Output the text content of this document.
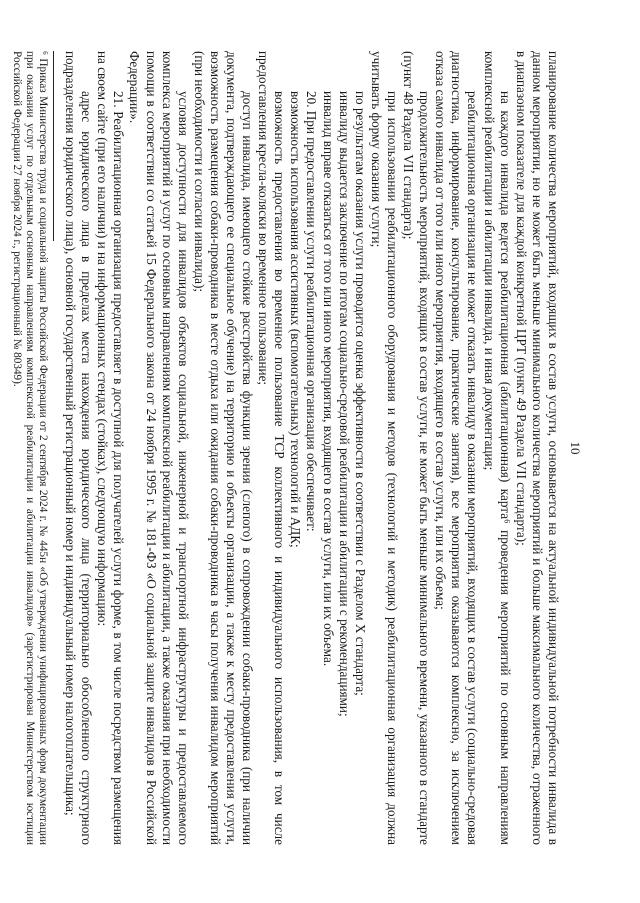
10

планирование количества мероприятий, входящих в состав услуги, основывается на актуальной индивидуальной потребности инвалида в данном мероприятии, но не может быть меньше минимального количества мероприятий и больше максимального количества, отраженного в диапазоном показателе для каждой конкретной ЦРТ (пункт 49 Раздела VII стандарта);

на каждого инвалида ведется реабилитационная (абилитационная) карта⁶ проведения мероприятий по основным направлениям комплексной реабилитации и абилитации инвалида, и иная документация;

реабилитационная организация не может отказать инвалиду в оказании мероприятий, входящих в состав услуги (социально-средовая диагностика, информирование, консультирование, практические занятия), все мероприятия оказываются комплексно, за исключением отказа самого инвалида от того или иного мероприятия, входящего в состав услуги, или их объема;

продолжительность мероприятий, входящих в состав услуги, не может быть меньше минимального времени, указанного в стандарте (пункт 48 Раздела VII стандарта);

при использовании реабилитационного оборудования и методов (технологий и методик) реабилитационная организация должна учитывать форму оказания услуги;

по результатам оказания услуги проводится оценка эффективности в соответствии с Разделом X стандарта;

инвалиду выдается заключение по итогам социально-средовой реабилитации и абилитации с рекомендациями;

инвалид вправе отказаться от того или иного мероприятия, входящего в состав услуги, или их объема.

20. При предоставлении услуги реабилитационная организация обеспечивает:

возможность использования ассистивных (вспомогательных) технологий и АДК;

возможность предоставления во временное пользование ТСР коллективного и индивидуального использования, в том числе предоставления кресла-коляски во временное пользование;

доступ инвалида, имеющего стойкие расстройства функции зрения (слепого) в сопровождении собаки-проводника (при наличии документа, подтверждающего ее специальное обучение) на территорию и объекты организации, а также к месту предоставления услуги, возможность размещения собаки-проводника в месте отдыха или ожидания собаки-проводника в часы получения инвалидом мероприятий (при необходимости и согласии инвалида);

условия доступности для инвалидов объектов социальной, инженерной и транспортной инфраструктуры и предоставляемого комплекса мероприятий и услуг по основным направлениям комплексной реабилитации и абилитации, а также оказания при необходимости помощи в соответствии со статьей 15 Федерального закона от 24 ноября 1995 г. № 181-ФЗ «О социальной защите инвалидов в Российской Федерации».

21. Реабилитационная организация предоставляет в доступной для получателей услуги форме, в том числе посредством размещения на своем сайте (при его наличии) и на информационных стендах (стойках), следующую информацию:

адрес юридического лица в пределах места нахождения юридического лица (территориально обособленного структурного подразделения юридического лица), основной государственный регистрационный номер и индивидуальный номер налогоплательщика;

⁶ Приказ Министерства труда и социальной защиты Российской Федерации от 2 сентября 2024 г. № 445н «Об утверждении унифицированных форм документации при оказании услуг по отдельным основным направлениям комплексной реабилитации и абилитации инвалидов» (зарегистрирован Министерством юстиции Российской Федерации 27 ноября 2024 г., регистрационный № 80349).
